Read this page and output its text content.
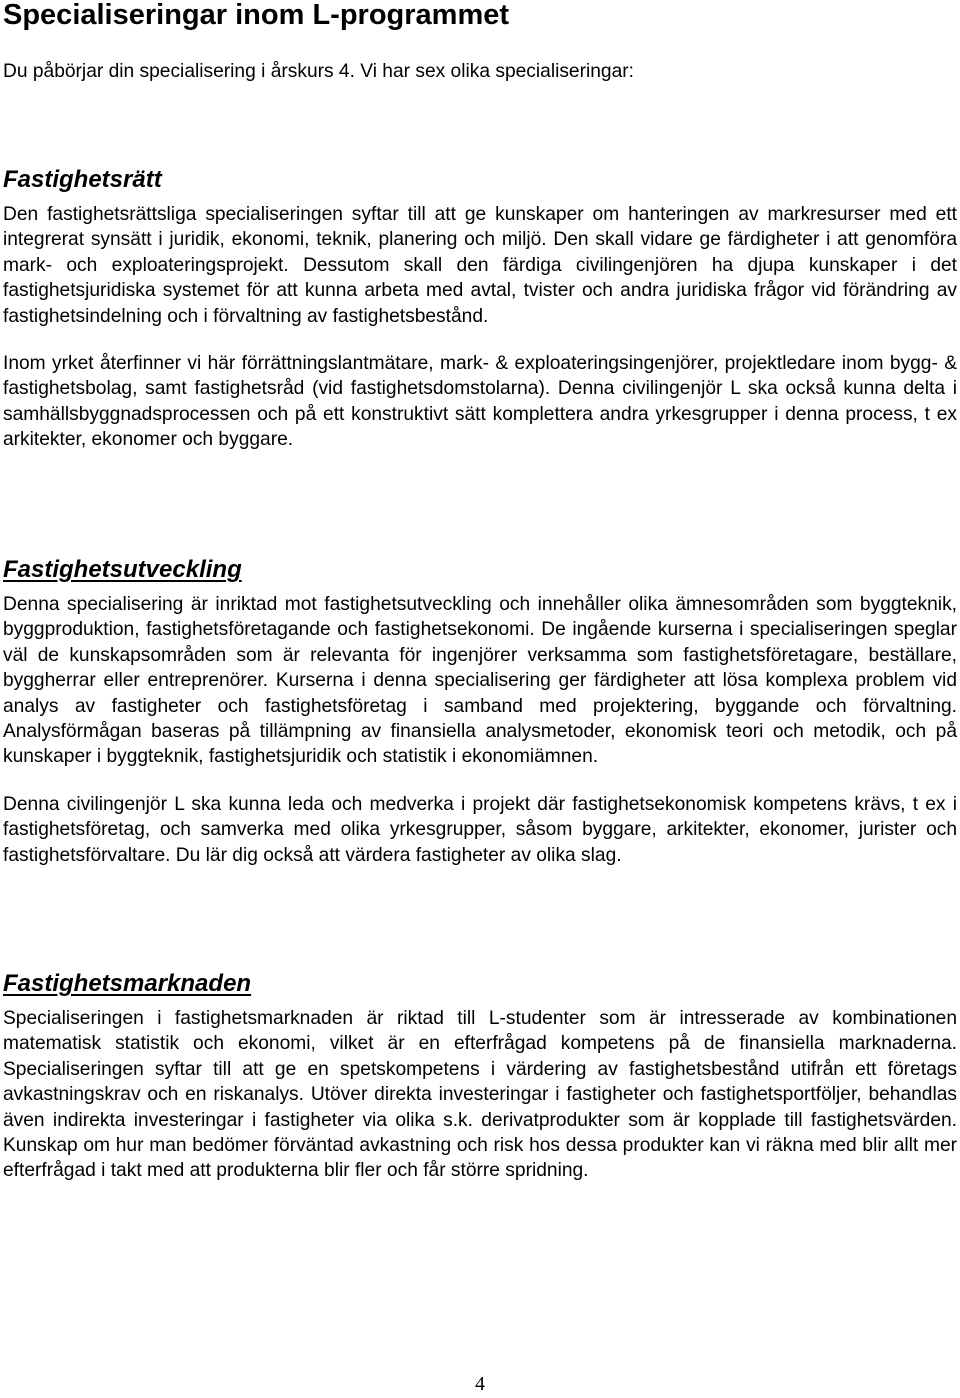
Specialiseringar inom L-programmet

Du påbörjar din specialisering i årskurs 4. Vi har sex olika specialiseringar:

Fastighetsrätt

Den fastighetsrättsliga specialiseringen syftar till att ge kunskaper om hanteringen av markresurser med ett integrerat synsätt i juridik, ekonomi, teknik, planering och miljö. Den skall vidare ge färdigheter i att genomföra mark- och exploateringsprojekt. Dessutom skall den färdiga civilingenjören ha djupa kunskaper i det fastighetsjuridiska systemet för att kunna arbeta med avtal, tvister och andra juridiska frågor vid förändring av fastighetsindelning och i förvaltning av fastighetsbestånd.

Inom yrket återfinner vi här förrättningslantmätare, mark- & exploateringsingenjörer, projektledare inom bygg- & fastighetsbolag, samt fastighetsråd (vid fastighetsdomstolarna). Denna civilingenjör L ska också kunna delta i samhällsbyggnadsprocessen och på ett konstruktivt sätt komplettera andra yrkesgrupper i denna process, t ex arkitekter, ekonomer och byggare.

Fastighetsutveckling

Denna specialisering är inriktad mot fastighetsutveckling och innehåller olika ämnesområden som byggteknik, byggproduktion, fastighetsföretagande och fastighetsekonomi. De ingående kurserna i specialiseringen speglar väl de kunskapsområden som är relevanta för ingenjörer verksamma som fastighetsföretagare, beställare, byggherrar eller entreprenörer. Kurserna i denna specialisering ger färdigheter att lösa komplexa problem vid analys av fastigheter och fastighetsföretag i samband med projektering, byggande och förvaltning. Analysförmågan baseras på tillämpning av finansiella analysmetoder, ekonomisk teori och metodik, och på kunskaper i byggteknik, fastighetsjuridik och statistik i ekonomiämnen.

Denna civilingenjör L ska kunna leda och medverka i projekt där fastighetsekonomisk kompetens krävs, t ex i fastighetsföretag, och samverka med olika yrkesgrupper, såsom byggare, arkitekter, ekonomer, jurister och fastighetsförvaltare. Du lär dig också att värdera fastigheter av olika slag.

Fastighetsmarknaden

Specialiseringen i fastighetsmarknaden är riktad till L-studenter som är intresserade av kombinationen matematisk statistik och ekonomi, vilket är en efterfrågad kompetens på de finansiella marknaderna. Specialiseringen syftar till att ge en spetskompetens i värdering av fastighetsbestånd utifrån ett företags avkastningskrav och en riskanalys. Utöver direkta investeringar i fastigheter och fastighetsportföljer, behandlas även indirekta investeringar i fastigheter via olika s.k. derivatprodukter som är kopplade till fastighetsvärden. Kunskap om hur man bedömer förväntad avkastning och risk hos dessa produkter kan vi räkna med blir allt mer efterfrågad i takt med att produkterna blir fler och får större spridning.

4
